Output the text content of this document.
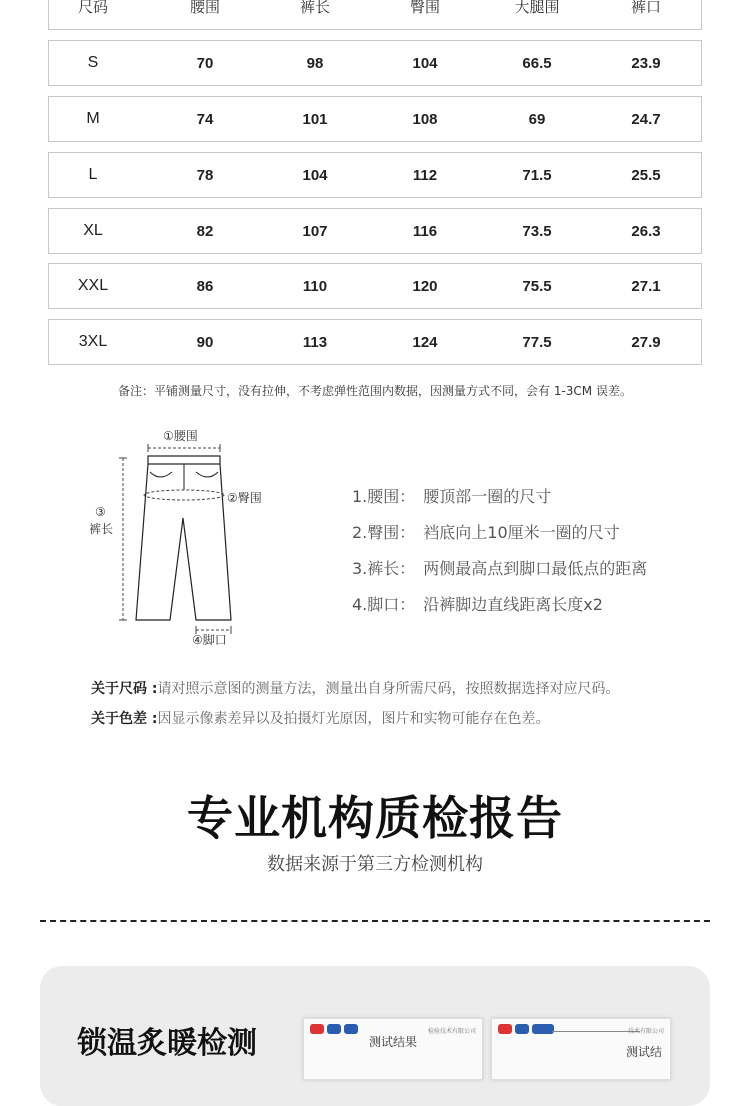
尺码	腰围	裤长	臀围	大腿围	裤口
S	70	98	104	66.5	23.9
M	74	101	108	69	24.7
L	78	104	112	71.5	25.5
XL	82	107	116	73.5	26.3
XXL	86	110	120	75.5	27.1
3XL	90	113	124	77.5	27.9
备注：平铺测量尺寸，没有拉伸，不考虑弹性范围内数据，因测量方式不同，会有 1-3CM 误差。
①腰围
②臀围
③
裤长
④脚口
1.腰围： 腰顶部一圈的尺寸
2.臀围： 裆底向上10厘米一圈的尺寸
3.裤长： 两侧最高点到脚口最低点的距离
4.脚口： 沿裤脚边直线距离长度x2
关于尺码 :请对照示意图的测量方法，测量出自身所需尺码，按照数据选择对应尺码。
关于色差 :因显示像素差异以及拍摄灯光原因，图片和实物可能存在色差。
专业机构质检报告
数据来源于第三方检测机构
锁温炙暖检测	检验技术有限公司
测试结果
技术有限公司
测试结
